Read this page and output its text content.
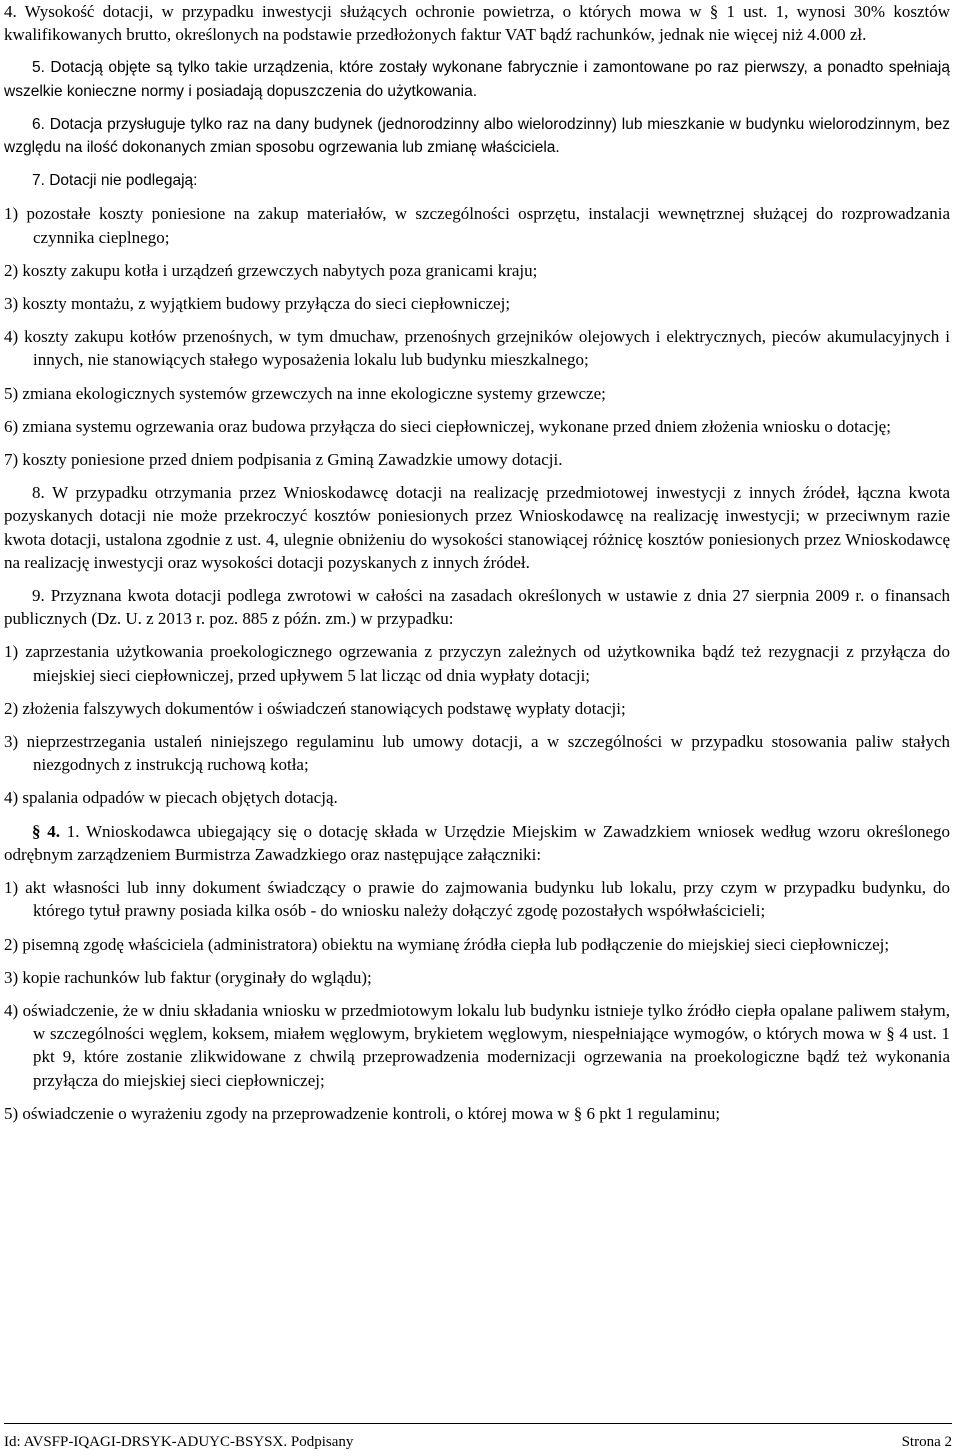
4. Wysokość dotacji, w przypadku inwestycji służących ochronie powietrza, o których mowa w § 1 ust. 1, wynosi 30% kosztów kwalifikowanych brutto, określonych na podstawie przedłożonych faktur VAT bądź rachunków, jednak nie więcej niż 4.000 zł.

5. Dotacją objęte są tylko takie urządzenia, które zostały wykonane fabrycznie i zamontowane po raz pierwszy, a ponadto spełniają wszelkie konieczne normy i posiadają dopuszczenia do użytkowania.

6. Dotacja przysługuje tylko raz na dany budynek (jednorodzinny albo wielorodzinny) lub mieszkanie w budynku wielorodzinnym, bez względu na ilość dokonanych zmian sposobu ogrzewania lub zmianę właściciela.

7. Dotacji nie podlegają:

1) pozostałe koszty poniesione na zakup materiałów, w szczególności osprzętu, instalacji wewnętrznej służącej do rozprowadzania czynnika cieplnego;

2) koszty zakupu kotła i urządzeń grzewczych nabytych poza granicami kraju;

3) koszty montażu, z wyjątkiem budowy przyłącza do sieci ciepłowniczej;

4) koszty zakupu kotłów przenośnych, w tym dmuchaw, przenośnych grzejników olejowych i elektrycznych, pieców akumulacyjnych i innych, nie stanowiących stałego wyposażenia lokalu lub budynku mieszkalnego;

5) zmiana ekologicznych systemów grzewczych na inne ekologiczne systemy grzewcze;

6) zmiana systemu ogrzewania oraz budowa przyłącza do sieci ciepłowniczej, wykonane przed dniem złożenia wniosku o dotację;

7) koszty poniesione przed dniem podpisania z Gminą Zawadzkie umowy dotacji.

8. W przypadku otrzymania przez Wnioskodawcę dotacji na realizację przedmiotowej inwestycji z innych źródeł, łączna kwota pozyskanych dotacji nie może przekroczyć kosztów poniesionych przez Wnioskodawcę na realizację inwestycji; w przeciwnym razie kwota dotacji, ustalona zgodnie z ust. 4, ulegnie obniżeniu do wysokości stanowiącej różnicę kosztów poniesionych przez Wnioskodawcę na realizację inwestycji oraz wysokości dotacji pozyskanych z innych źródeł.

9. Przyznana kwota dotacji podlega zwrotowi w całości na zasadach określonych w ustawie z dnia 27 sierpnia 2009 r. o finansach publicznych (Dz. U. z 2013 r. poz. 885 z późn. zm.) w przypadku:

1) zaprzestania użytkowania proekologicznego ogrzewania z przyczyn zależnych od użytkownika bądź też rezygnacji z przyłącza do miejskiej sieci ciepłowniczej, przed upływem 5 lat licząc od dnia wypłaty dotacji;

2) złożenia falszywych dokumentów i oświadczeń stanowiących podstawę wypłaty dotacji;

3) nieprzestrzegania ustaleń niniejszego regulaminu lub umowy dotacji, a w szczególności w przypadku stosowania paliw stałych niezgodnych z instrukcją ruchową kotła;

4) spalania odpadów w piecach objętych dotacją.

§ 4. 1. Wnioskodawca ubiegający się o dotację składa w Urzędzie Miejskim w Zawadzkiem wniosek według wzoru określonego odrębnym zarządzeniem Burmistrza Zawadzkiego oraz następujące załączniki:

1) akt własności lub inny dokument świadczący o prawie do zajmowania budynku lub lokalu, przy czym w przypadku budynku, do którego tytuł prawny posiada kilka osób - do wniosku należy dołączyć zgodę pozostałych współwłaścicieli;

2) pisemną zgodę właściciela (administratora) obiektu na wymianę źródła ciepła lub podłączenie do miejskiej sieci ciepłowniczej;

3) kopie rachunków lub faktur (oryginały do wglądu);

4) oświadczenie, że w dniu składania wniosku w przedmiotowym lokalu lub budynku istnieje tylko źródło ciepła opalane paliwem stałym, w szczególności węglem, koksem, miałem węglowym, brykietem węglowym, niespełniające wymogów, o których mowa w § 4 ust. 1 pkt 9, które zostanie zlikwidowane z chwilą przeprowadzenia modernizacji ogrzewania na proekologiczne bądź też wykonania przyłącza do miejskiej sieci ciepłowniczej;

5) oświadczenie o wyrażeniu zgody na przeprowadzenie kontroli, o której mowa w § 6 pkt 1 regulaminu;

Id: AVSFP-IQAGI-DRSYK-ADUYC-BSYSX. Podpisany	Strona 2
